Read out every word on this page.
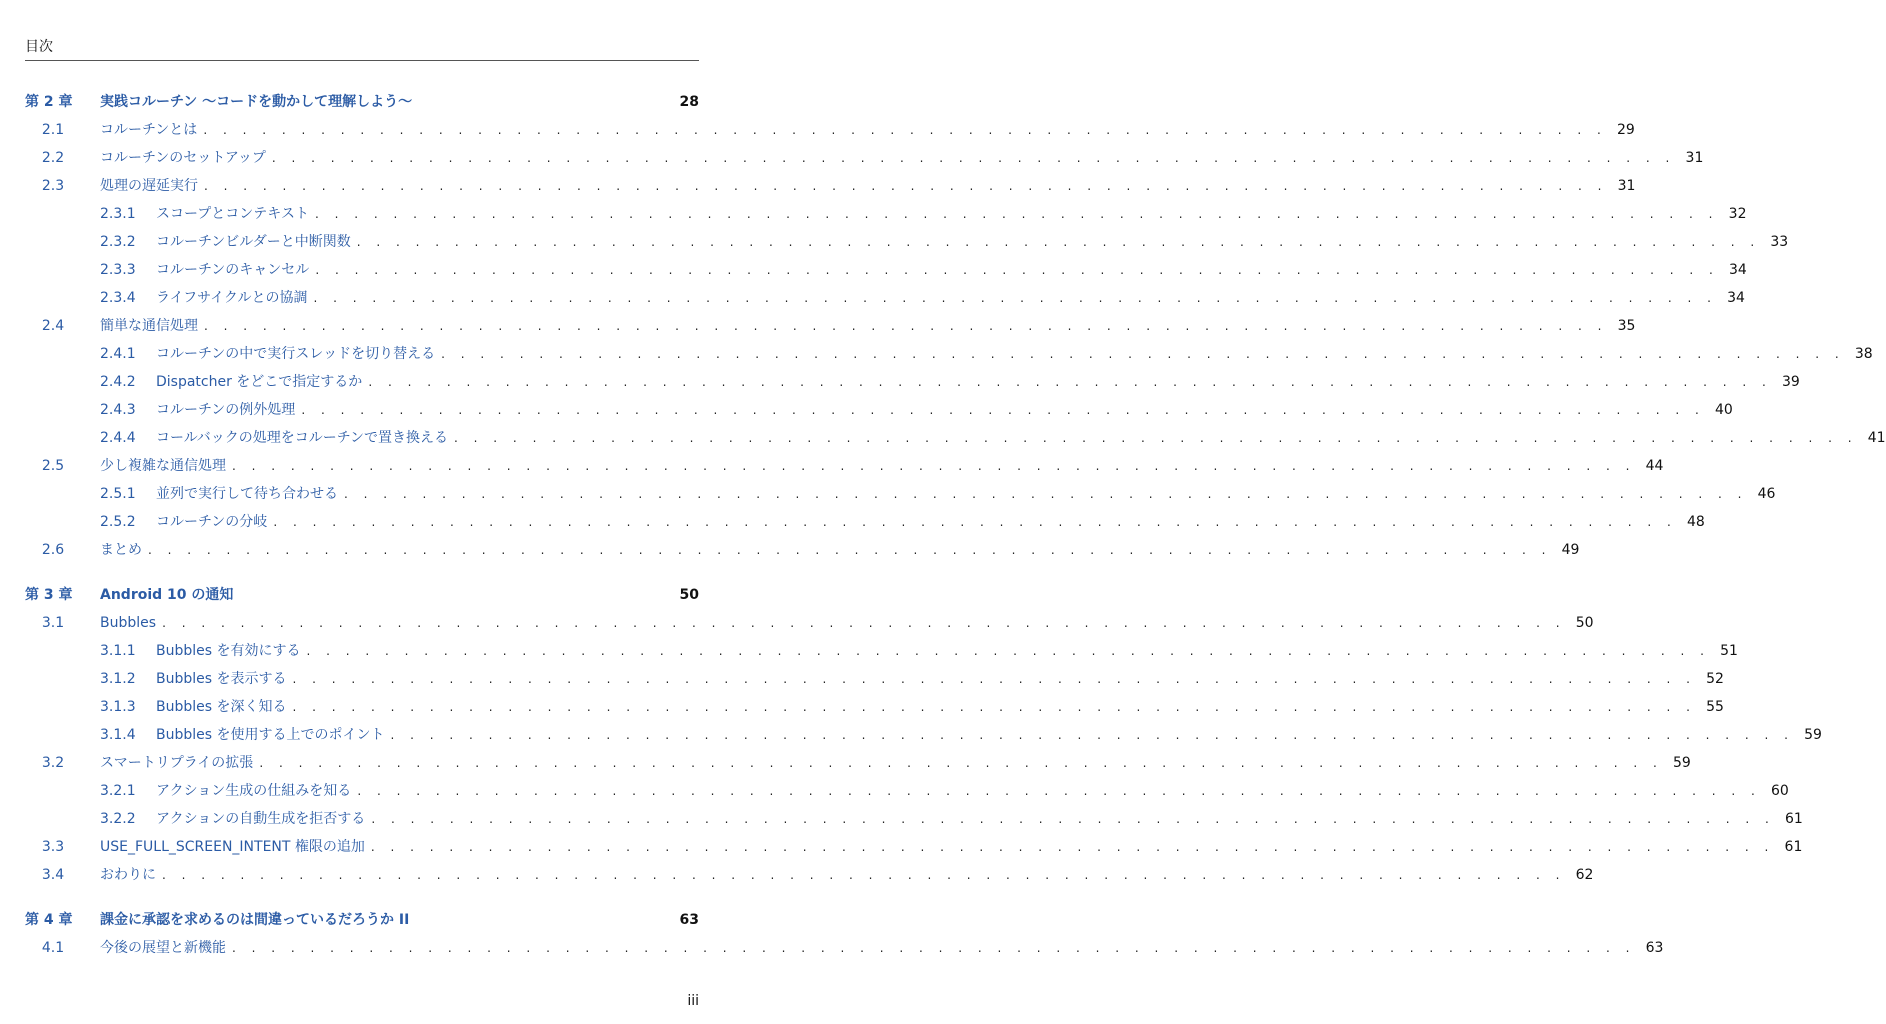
目次
第 2 章	実践コルーチン 〜コードを動かして理解しよう〜	28
2.1	コルーチンとは . . . . . . . . . . . . . . . . . . . . . . . . . . . . . . . . . . . . . . . . . . . . . . . . . . . . . . . . . . . . . . . . . . . . . . . . 29
2.2	コルーチンのセットアップ . . . . . . . . . . . . . . . . . . . . . . . . . . . . . . . . . . . . . . . . . . . . . . . . . . . . . . . . . . . . . . . . . . . . . . . . 31
2.3	処理の遅延実行 . . . . . . . . . . . . . . . . . . . . . . . . . . . . . . . . . . . . . . . . . . . . . . . . . . . . . . . . . . . . . . . . . . . . . . . . 31
2.3.1	スコープとコンテキスト . . . . . . . . . . . . . . . . . . . . . . . . . . . . . . . . . . . . . . . . . . . . . . . . . . . . . . . . . . . . . . . . . . . . . . . . 32
2.3.2	コルーチンビルダーと中断関数 . . . . . . . . . . . . . . . . . . . . . . . . . . . . . . . . . . . . . . . . . . . . . . . . . . . . . . . . . . . . . . . . . . . . . . . . 33
2.3.3	コルーチンのキャンセル . . . . . . . . . . . . . . . . . . . . . . . . . . . . . . . . . . . . . . . . . . . . . . . . . . . . . . . . . . . . . . . . . . . . . . . . 34
2.3.4	ライフサイクルとの協調 . . . . . . . . . . . . . . . . . . . . . . . . . . . . . . . . . . . . . . . . . . . . . . . . . . . . . . . . . . . . . . . . . . . . . . . . 34
2.4	簡単な通信処理 . . . . . . . . . . . . . . . . . . . . . . . . . . . . . . . . . . . . . . . . . . . . . . . . . . . . . . . . . . . . . . . . . . . . . . . . 35
2.4.1	コルーチンの中で実行スレッドを切り替える . . . . . . . . . . . . . . . . . . . . . . . . . . . . . . . . . . . . . . . . . . . . . . . . . . . . . . . . . . . . . . . . . . . . . . . . 38
2.4.2	Dispatcher をどこで指定するか . . . . . . . . . . . . . . . . . . . . . . . . . . . . . . . . . . . . . . . . . . . . . . . . . . . . . . . . . . . . . . . . . . . . . . . . 39
2.4.3	コルーチンの例外処理 . . . . . . . . . . . . . . . . . . . . . . . . . . . . . . . . . . . . . . . . . . . . . . . . . . . . . . . . . . . . . . . . . . . . . . . . 40
2.4.4	コールバックの処理をコルーチンで置き換える . . . . . . . . . . . . . . . . . . . . . . . . . . . . . . . . . . . . . . . . . . . . . . . . . . . . . . . . . . . . . . . . . . . . . . . . 41
2.5	少し複雑な通信処理 . . . . . . . . . . . . . . . . . . . . . . . . . . . . . . . . . . . . . . . . . . . . . . . . . . . . . . . . . . . . . . . . . . . . . . . . 44
2.5.1	並列で実行して待ち合わせる . . . . . . . . . . . . . . . . . . . . . . . . . . . . . . . . . . . . . . . . . . . . . . . . . . . . . . . . . . . . . . . . . . . . . . . . 46
2.5.2	コルーチンの分岐 . . . . . . . . . . . . . . . . . . . . . . . . . . . . . . . . . . . . . . . . . . . . . . . . . . . . . . . . . . . . . . . . . . . . . . . . 48
2.6	まとめ . . . . . . . . . . . . . . . . . . . . . . . . . . . . . . . . . . . . . . . . . . . . . . . . . . . . . . . . . . . . . . . . . . . . . . . . 49
第 3 章	Android 10 の通知	50
3.1	Bubbles . . . . . . . . . . . . . . . . . . . . . . . . . . . . . . . . . . . . . . . . . . . . . . . . . . . . . . . . . . . . . . . . . . . . . . . . 50
3.1.1	Bubbles を有効にする . . . . . . . . . . . . . . . . . . . . . . . . . . . . . . . . . . . . . . . . . . . . . . . . . . . . . . . . . . . . . . . . . . . . . . . . 51
3.1.2	Bubbles を表示する . . . . . . . . . . . . . . . . . . . . . . . . . . . . . . . . . . . . . . . . . . . . . . . . . . . . . . . . . . . . . . . . . . . . . . . . 52
3.1.3	Bubbles を深く知る . . . . . . . . . . . . . . . . . . . . . . . . . . . . . . . . . . . . . . . . . . . . . . . . . . . . . . . . . . . . . . . . . . . . . . . . 55
3.1.4	Bubbles を使用する上でのポイント . . . . . . . . . . . . . . . . . . . . . . . . . . . . . . . . . . . . . . . . . . . . . . . . . . . . . . . . . . . . . . . . . . . . . . . . 59
3.2	スマートリプライの拡張 . . . . . . . . . . . . . . . . . . . . . . . . . . . . . . . . . . . . . . . . . . . . . . . . . . . . . . . . . . . . . . . . . . . . . . . . 59
3.2.1	アクション生成の仕組みを知る . . . . . . . . . . . . . . . . . . . . . . . . . . . . . . . . . . . . . . . . . . . . . . . . . . . . . . . . . . . . . . . . . . . . . . . . 60
3.2.2	アクションの自動生成を拒否する . . . . . . . . . . . . . . . . . . . . . . . . . . . . . . . . . . . . . . . . . . . . . . . . . . . . . . . . . . . . . . . . . . . . . . . . 61
3.3	USE_FULL_SCREEN_INTENT 権限の追加 . . . . . . . . . . . . . . . . . . . . . . . . . . . . . . . . . . . . . . . . . . . . . . . . . . . . . . . . . . . . . . . . . . . . . . . . 61
3.4	おわりに . . . . . . . . . . . . . . . . . . . . . . . . . . . . . . . . . . . . . . . . . . . . . . . . . . . . . . . . . . . . . . . . . . . . . . . . 62
第 4 章	課金に承認を求めるのは間違っているだろうか II	63
4.1	今後の展望と新機能 . . . . . . . . . . . . . . . . . . . . . . . . . . . . . . . . . . . . . . . . . . . . . . . . . . . . . . . . . . . . . . . . . . . . . . . . 63
iii
